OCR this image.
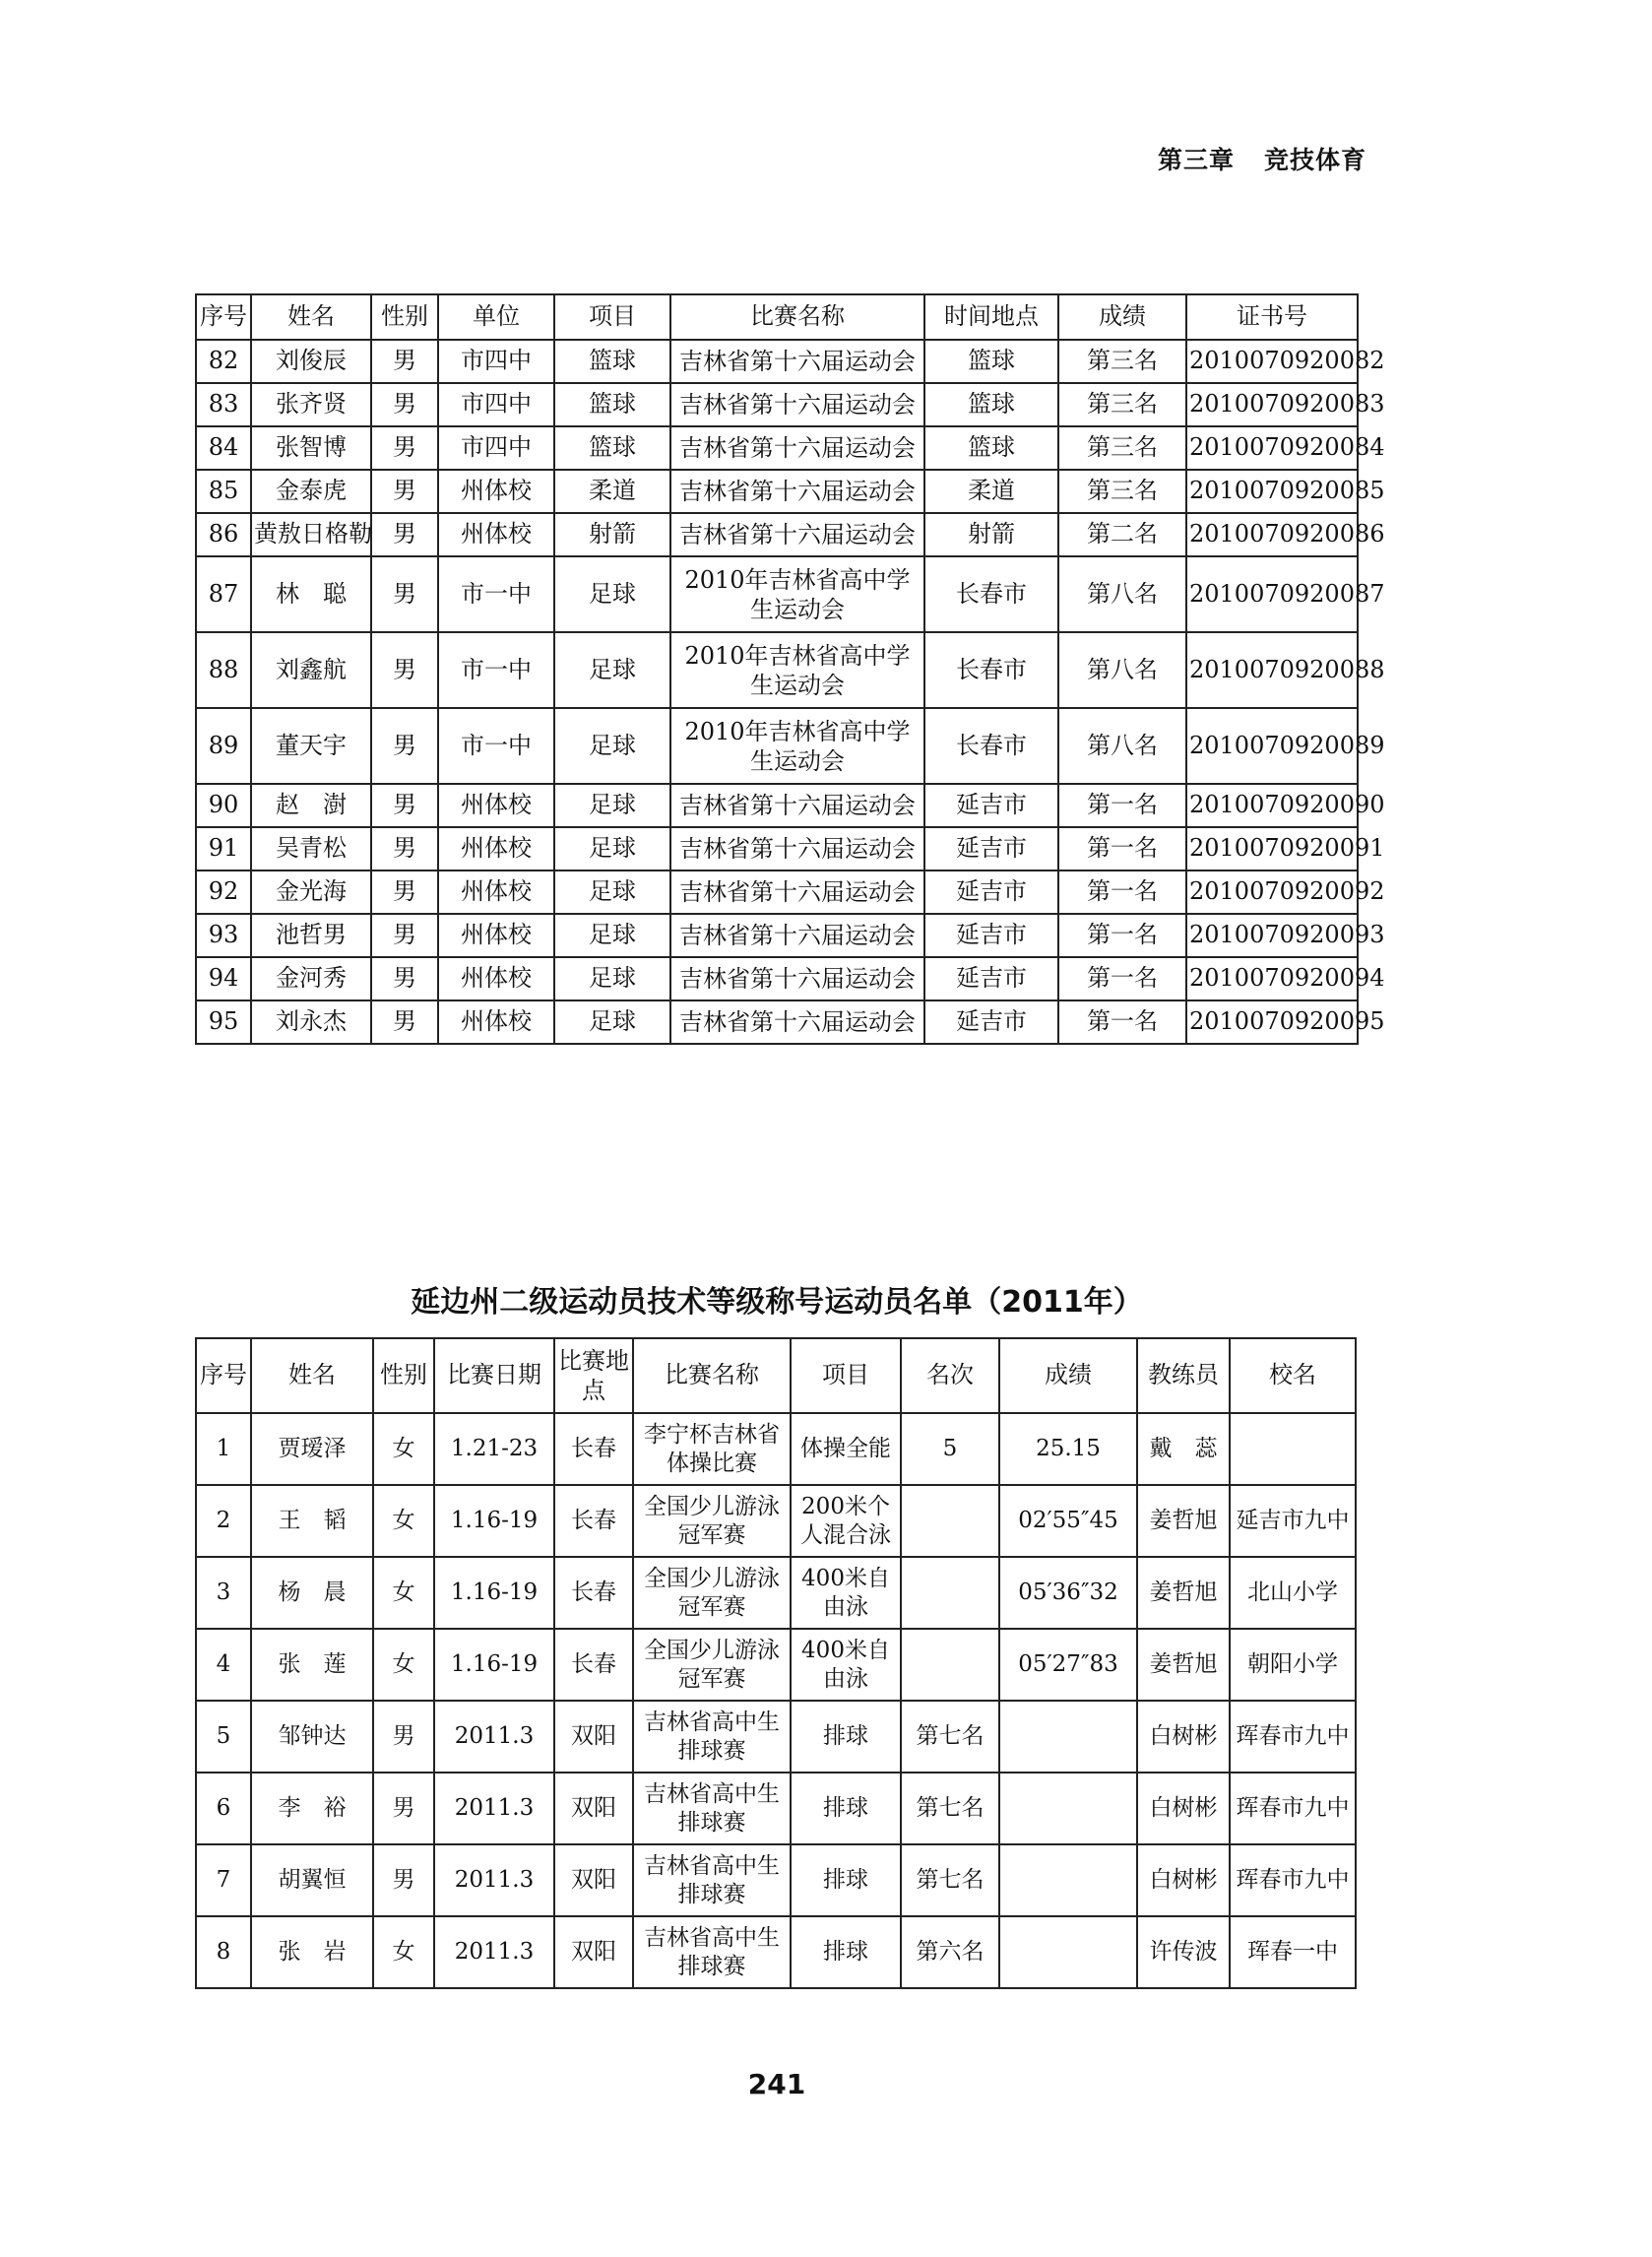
第三章 竞技体育
序号	姓名	性别	单位	项目	比赛名称	时间地点	成绩	证书号
82	刘俊辰	男	市四中	篮球	吉林省第十六届运动会	篮球	第三名	2010070920082
83	张齐贤	男	市四中	篮球	吉林省第十六届运动会	篮球	第三名	2010070920083
84	张智博	男	市四中	篮球	吉林省第十六届运动会	篮球	第三名	2010070920084
85	金泰虎	男	州体校	柔道	吉林省第十六届运动会	柔道	第三名	2010070920085
86	黄敖日格勒	男	州体校	射箭	吉林省第十六届运动会	射箭	第二名	2010070920086
87	林　聪	男	市一中	足球	2010年吉林省高中学生运动会	长春市	第八名	2010070920087
88	刘鑫航	男	市一中	足球	2010年吉林省高中学生运动会	长春市	第八名	2010070920088
89	董天宇	男	市一中	足球	2010年吉林省高中学生运动会	长春市	第八名	2010070920089
90	赵　澍	男	州体校	足球	吉林省第十六届运动会	延吉市	第一名	2010070920090
91	吴青松	男	州体校	足球	吉林省第十六届运动会	延吉市	第一名	2010070920091
92	金光海	男	州体校	足球	吉林省第十六届运动会	延吉市	第一名	2010070920092
93	池哲男	男	州体校	足球	吉林省第十六届运动会	延吉市	第一名	2010070920093
94	金河秀	男	州体校	足球	吉林省第十六届运动会	延吉市	第一名	2010070920094
95	刘永杰	男	州体校	足球	吉林省第十六届运动会	延吉市	第一名	2010070920095
延边州二级运动员技术等级称号运动员名单（2011年）
序号	姓名	性别	比赛日期	比赛地点	比赛名称	项目	名次	成绩	教练员	校名
1	贾瑷泽	女	1.21-23	长春	李宁杯吉林省体操比赛	体操全能	5	25.15	戴　蕊	
2	王　韬	女	1.16-19	长春	全国少儿游泳冠军赛	200米个人混合泳		02′55″45	姜哲旭	延吉市九中
3	杨　晨	女	1.16-19	长春	全国少儿游泳冠军赛	400米自由泳		05′36″32	姜哲旭	北山小学
4	张　莲	女	1.16-19	长春	全国少儿游泳冠军赛	400米自由泳		05′27″83	姜哲旭	朝阳小学
5	邹钟达	男	2011.3	双阳	吉林省高中生排球赛	排球	第七名		白树彬	珲春市九中
6	李　裕	男	2011.3	双阳	吉林省高中生排球赛	排球	第七名		白树彬	珲春市九中
7	胡翼恒	男	2011.3	双阳	吉林省高中生排球赛	排球	第七名		白树彬	珲春市九中
8	张　岩	女	2011.3	双阳	吉林省高中生排球赛	排球	第六名		许传波	珲春一中
241
